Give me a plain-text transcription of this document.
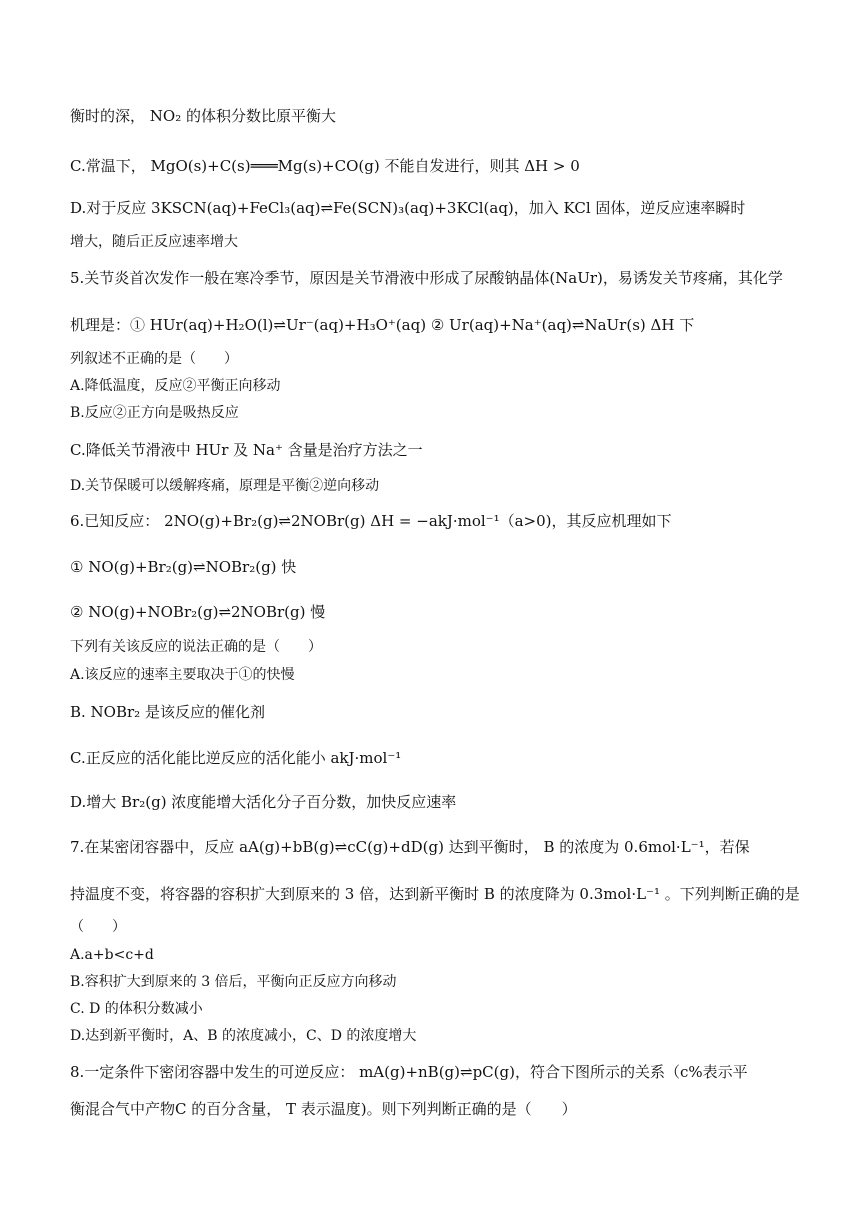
衡时的深， NO₂ 的体积分数比原平衡大
C.常温下， MgO(s)+C(s)═══Mg(s)+CO(g) 不能自发进行，则其 ΔH > 0
D.对于反应 3KSCN(aq)+FeCl₃(aq)⇌Fe(SCN)₃(aq)+3KCl(aq)，加入 KCl 固体，逆反应速率瞬时
增大，随后正反应速率增大
5.关节炎首次发作一般在寒冷季节，原因是关节滑液中形成了尿酸钠晶体(NaUr)，易诱发关节疼痛，其化学
机理是：① HUr(aq)+H₂O(l)⇌Ur⁻(aq)+H₃O⁺(aq) ② Ur(aq)+Na⁺(aq)⇌NaUr(s) ΔH 下
列叙述不正确的是（　　）
A.降低温度，反应②平衡正向移动
B.反应②正方向是吸热反应
C.降低关节滑液中 HUr 及 Na⁺ 含量是治疗方法之一
D.关节保暖可以缓解疼痛，原理是平衡②逆向移动
6.已知反应： 2NO(g)+Br₂(g)⇌2NOBr(g) ΔH = −akJ·mol⁻¹（a>0)，其反应机理如下
① NO(g)+Br₂(g)⇌NOBr₂(g) 快
② NO(g)+NOBr₂(g)⇌2NOBr(g) 慢
下列有关该反应的说法正确的是（　　）
A.该反应的速率主要取决于①的快慢
B. NOBr₂ 是该反应的催化剂
C.正反应的活化能比逆反应的活化能小 akJ·mol⁻¹
D.增大 Br₂(g) 浓度能增大活化分子百分数，加快反应速率
7.在某密闭容器中，反应 aA(g)+bB(g)⇌cC(g)+dD(g) 达到平衡时， B 的浓度为 0.6mol·L⁻¹，若保
持温度不变，将容器的容积扩大到原来的 3 倍，达到新平衡时 B 的浓度降为 0.3mol·L⁻¹ 。下列判断正确的是
（　　）
A.a+b<c+d
B.容积扩大到原来的 3 倍后，平衡向正反应方向移动
C. D 的体积分数减小
D.达到新平衡时，A、B 的浓度减小，C、D 的浓度增大
8.一定条件下密闭容器中发生的可逆反应： mA(g)+nB(g)⇌pC(g)，符合下图所示的关系（c%表示平
衡混合气中产物C 的百分含量， T 表示温度)。则下列判断正确的是（　　）
